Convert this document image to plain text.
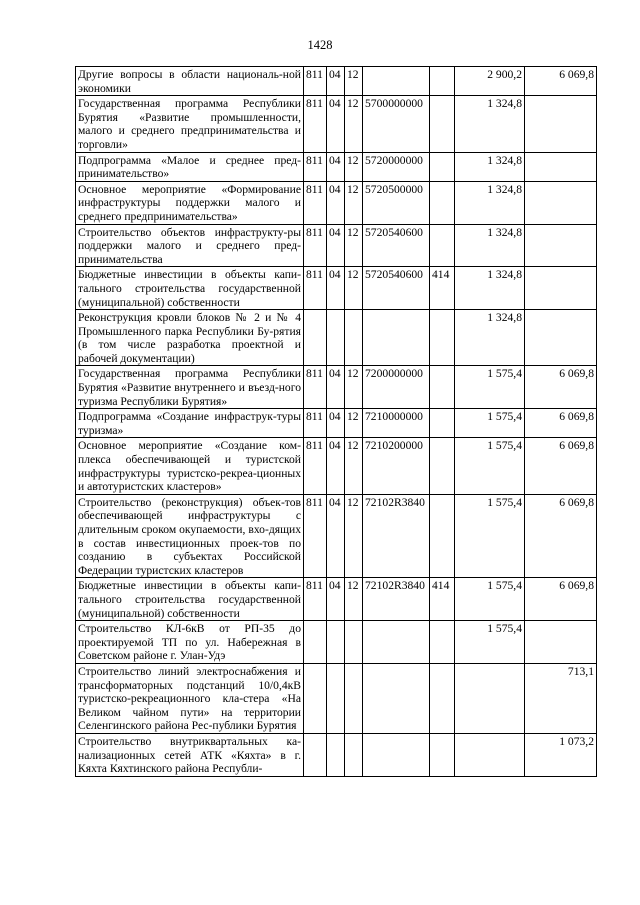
1428
Другие вопросы в области националь-ной экономики	811	04	12			2 900,2	6 069,8
Государственная программа Республики Бурятия «Развитие промышленности, малого и среднего предпринимательства и торговли»	811	04	12	5700000000		1 324,8	
Подпрограмма «Малое и среднее пред-принимательство»	811	04	12	5720000000		1 324,8	
Основное мероприятие «Формирование инфраструктуры поддержки малого и среднего предпринимательства»	811	04	12	5720500000		1 324,8	
Строительство объектов инфраструкту-ры поддержки малого и среднего пред-принимательства	811	04	12	5720540600		1 324,8	
Бюджетные инвестиции в объекты капи-тального строительства государственной (муниципальной) собственности	811	04	12	5720540600	414	1 324,8	
Реконструкция кровли блоков № 2 и № 4 Промышленного парка Республики Бу-рятия (в том числе разработка проектной и рабочей документации)						1 324,8	
Государственная программа Республики Бурятия «Развитие внутреннего и въезд-ного туризма Республики Бурятия»	811	04	12	7200000000		1 575,4	6 069,8
Подпрограмма «Создание инфраструк-туры туризма»	811	04	12	7210000000		1 575,4	6 069,8
Основное мероприятие «Создание ком-плекса обеспечивающей и туристской инфраструктуры туристско-рекреа-ционных и автотуристских кластеров»	811	04	12	7210200000		1 575,4	6 069,8
Строительство (реконструкция) объек-тов обеспечивающей инфраструктуры с длительным сроком окупаемости, вхо-дящих в состав инвестиционных проек-тов по созданию в субъектах Российской Федерации туристских кластеров	811	04	12	72102R3840		1 575,4	6 069,8
Бюджетные инвестиции в объекты капи-тального строительства государственной (муниципальной) собственности	811	04	12	72102R3840	414	1 575,4	6 069,8
Строительство КЛ-6кВ от РП-35 до проектируемой ТП по ул. Набережная в Советском районе г. Улан-Удэ						1 575,4	
Строительство линий электроснабжения и трансформаторных подстанций 10/0,4кВ туристско-рекреационного кла-стера «На Великом чайном пути» на территории Селенгинского района Рес-публики Бурятия							713,1
Строительство внутриквартальных ка-нализационных сетей АТК «Кяхта» в г. Кяхта Кяхтинского района Республи-							1 073,2
